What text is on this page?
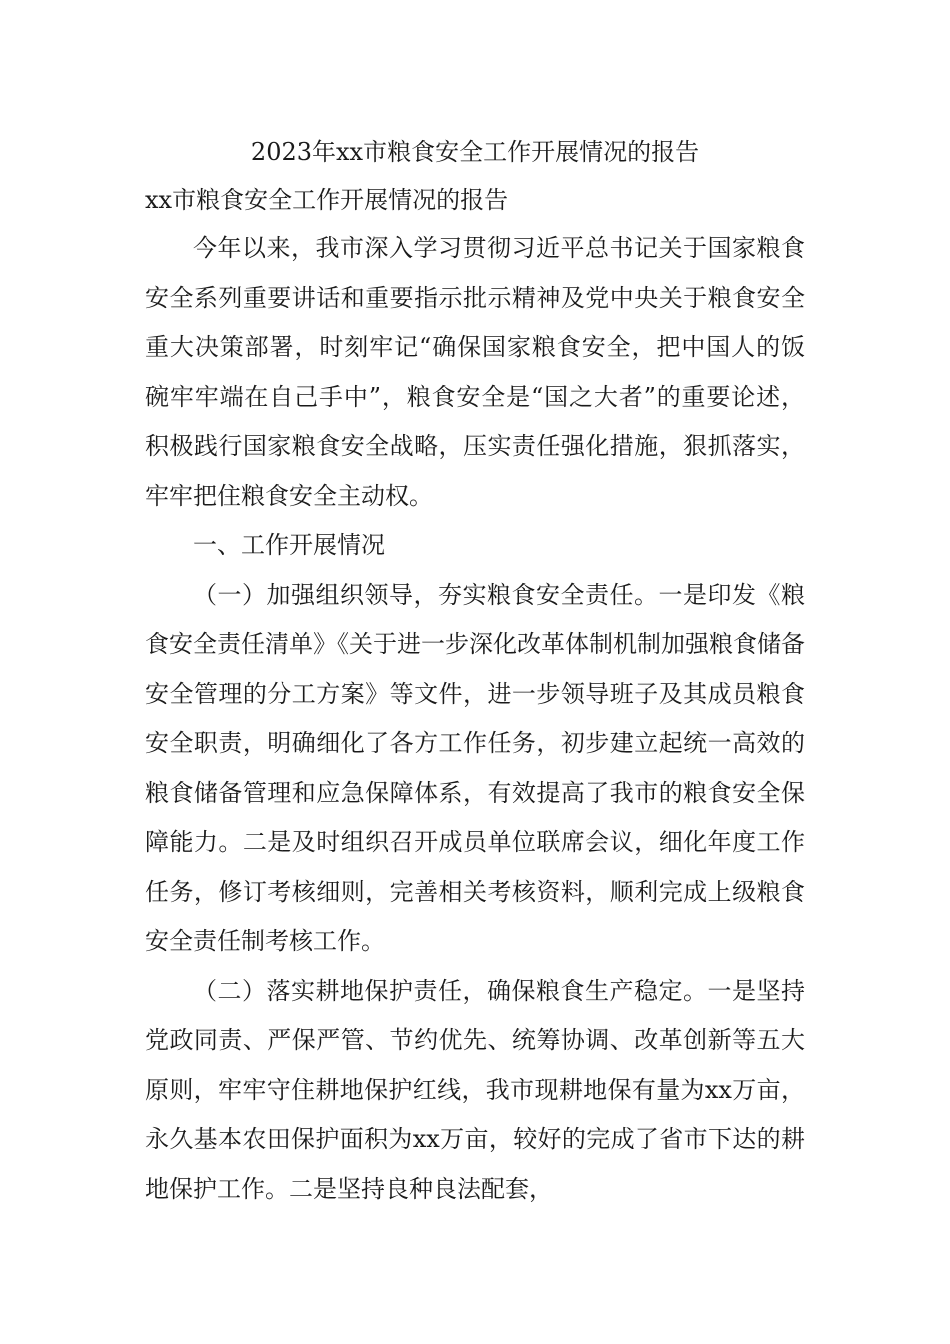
2023年xx市粮食安全工作开展情况的报告
xx市粮食安全工作开展情况的报告

今年以来，我市深入学习贯彻习近平总书记关于国家粮食安全系列重要讲话和重要指示批示精神及党中央关于粮食安全重大决策部署，时刻牢记“确保国家粮食安全，把中国人的饭碗牢牢端在自己手中”，粮食安全是“国之大者”的重要论述，积极践行国家粮食安全战略，压实责任强化措施，狠抓落实，牢牢把住粮食安全主动权。

一、工作开展情况

（一）加强组织领导，夯实粮食安全责任。一是印发《粮食安全责任清单》《关于进一步深化改革体制机制加强粮食储备安全管理的分工方案》等文件，进一步领导班子及其成员粮食安全职责，明确细化了各方工作任务，初步建立起统一高效的粮食储备管理和应急保障体系，有效提高了我市的粮食安全保障能力。二是及时组织召开成员单位联席会议，细化年度工作任务，修订考核细则，完善相关考核资料，顺利完成上级粮食安全责任制考核工作。

（二）落实耕地保护责任，确保粮食生产稳定。一是坚持党政同责、严保严管、节约优先、统筹协调、改革创新等五大原则，牢牢守住耕地保护红线，我市现耕地保有量为xx万亩，永久基本农田保护面积为xx万亩，较好的完成了省市下达的耕地保护工作。二是坚持良种良法配套，
